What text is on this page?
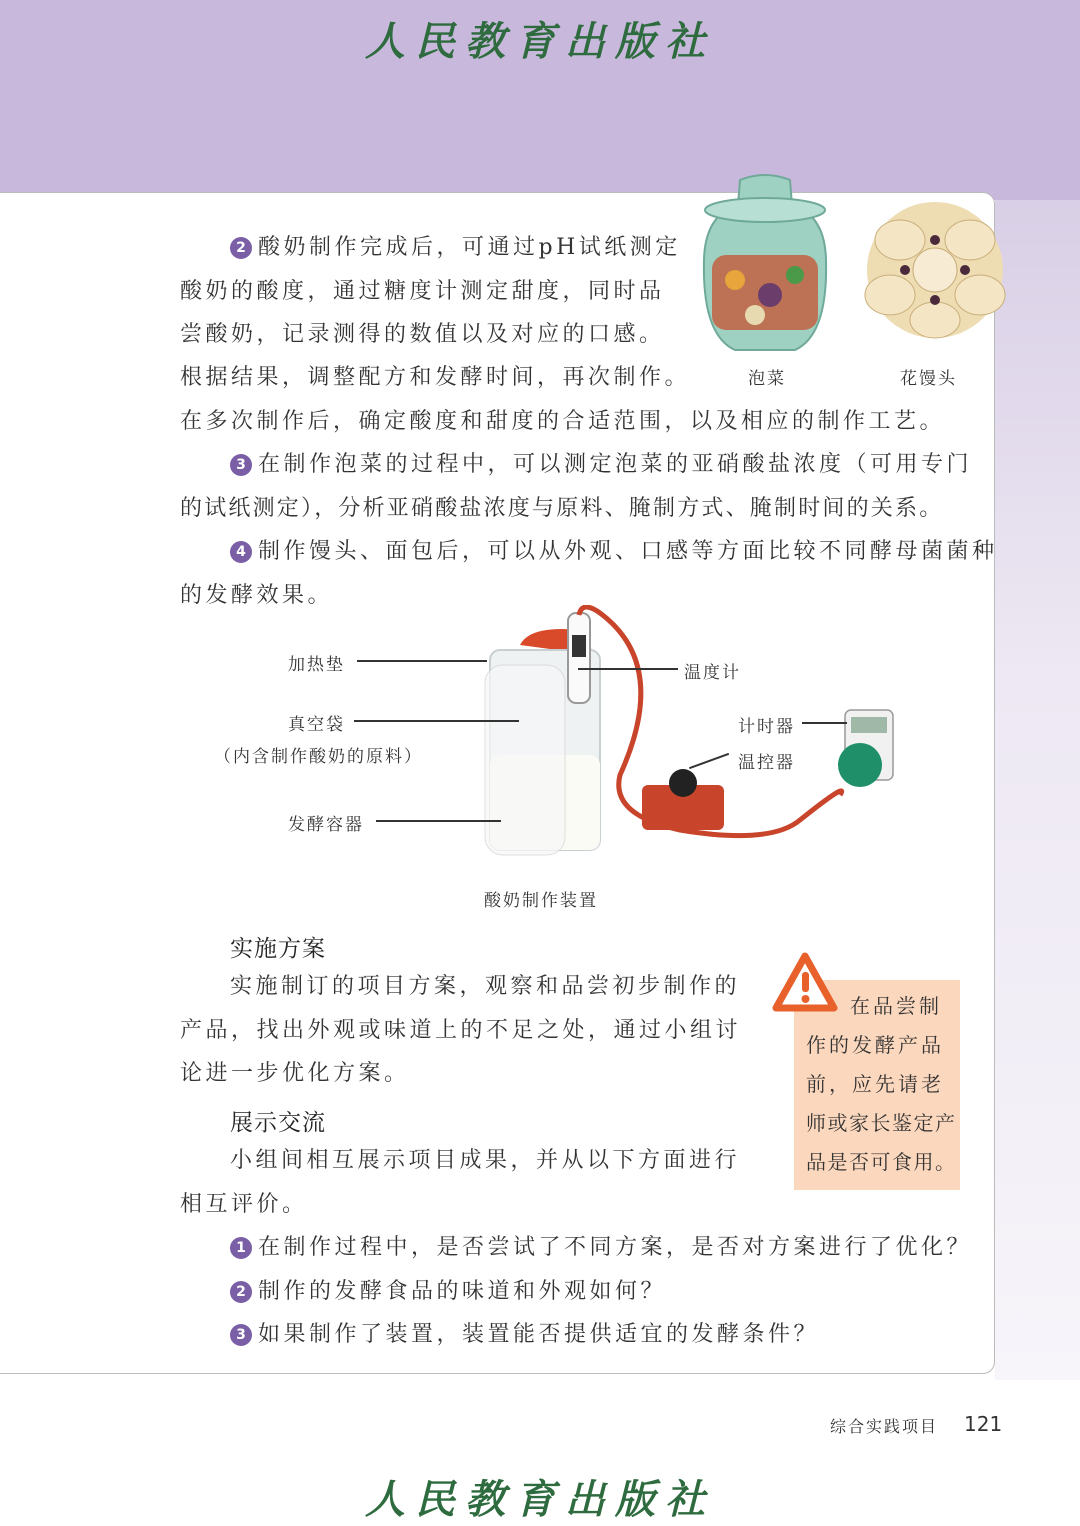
人民教育出版社
泡菜	花馒头
2 酸奶制作完成后，可通过pH试纸测定
酸奶的酸度，通过糖度计测定甜度，同时品
尝酸奶，记录测得的数值以及对应的口感。
根据结果，调整配方和发酵时间，再次制作。
在多次制作后，确定酸度和甜度的合适范围，以及相应的制作工艺。
3 在制作泡菜的过程中，可以测定泡菜的亚硝酸盐浓度（可用专门
的试纸测定），分析亚硝酸盐浓度与原料、腌制方式、腌制时间的关系。
4 制作馒头、面包后，可以从外观、口感等方面比较不同酵母菌菌种
的发酵效果。
加热垫
真空袋
（内含制作酸奶的原料）
发酵容器
温度计
计时器
温控器
酸奶制作装置
实施方案
实施制订的项目方案，观察和品尝初步制作的
产品，找出外观或味道上的不足之处，通过小组讨
论进一步优化方案。
展示交流
小组间相互展示项目成果，并从以下方面进行
相互评价。
1 在制作过程中，是否尝试了不同方案，是否对方案进行了优化？
2 制作的发酵食品的味道和外观如何？
3 如果制作了装置，装置能否提供适宜的发酵条件？
在品尝制
作的发酵产品
前，应先请老
师或家长鉴定产
品是否可食用。
综合实践项目 121
人民教育出版社
